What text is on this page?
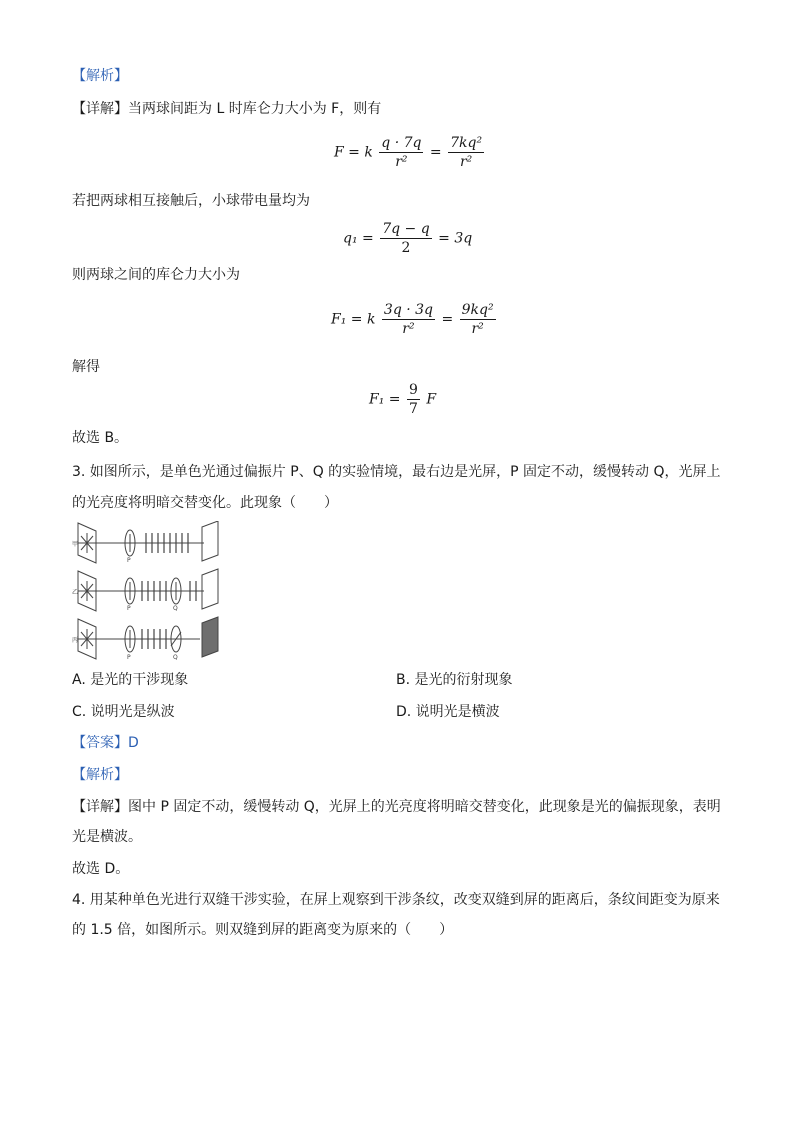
【解析】
【详解】当两球间距为 L 时库仑力大小为 F，则有
F = k $\frac{q \cdot 7q}{\text{r²}} = \frac{\text{7kq²}}{\text{r²}}$
若把两球相互接触后，小球带电量均为
$q_1 = \frac{7q - q}{2} = 3q$
则两球之间的库仑力大小为
F₁ = k $\frac{3q \cdot 3q}{\text{r²}} = \frac{\text{9kq²}}{\text{r²}}$
解得
$F_1 = \frac{9}{7}$ F
故选 B。
3. 如图所示，是单色光通过偏振片 P、Q 的实验情境，最右边是光屏，P 固定不动，缓慢转动 Q，光屏上
的光亮度将明暗交替变化。此现象（　　）
甲
乙
丙
P
P	Q
P	Q
A. 是光的干涉现象	B. 是光的衍射现象
C. 说明光是纵波	D. 说明光是横波
【答案】D
【解析】
【详解】图中 P 固定不动，缓慢转动 Q，光屏上的光亮度将明暗交替变化，此现象是光的偏振现象，表明
光是横波。
故选 D。
4. 用某种单色光进行双缝干涉实验，在屏上观察到干涉条纹，改变双缝到屏的距离后，条纹间距变为原来
的 1.5 倍，如图所示。则双缝到屏的距离变为原来的（　　）
